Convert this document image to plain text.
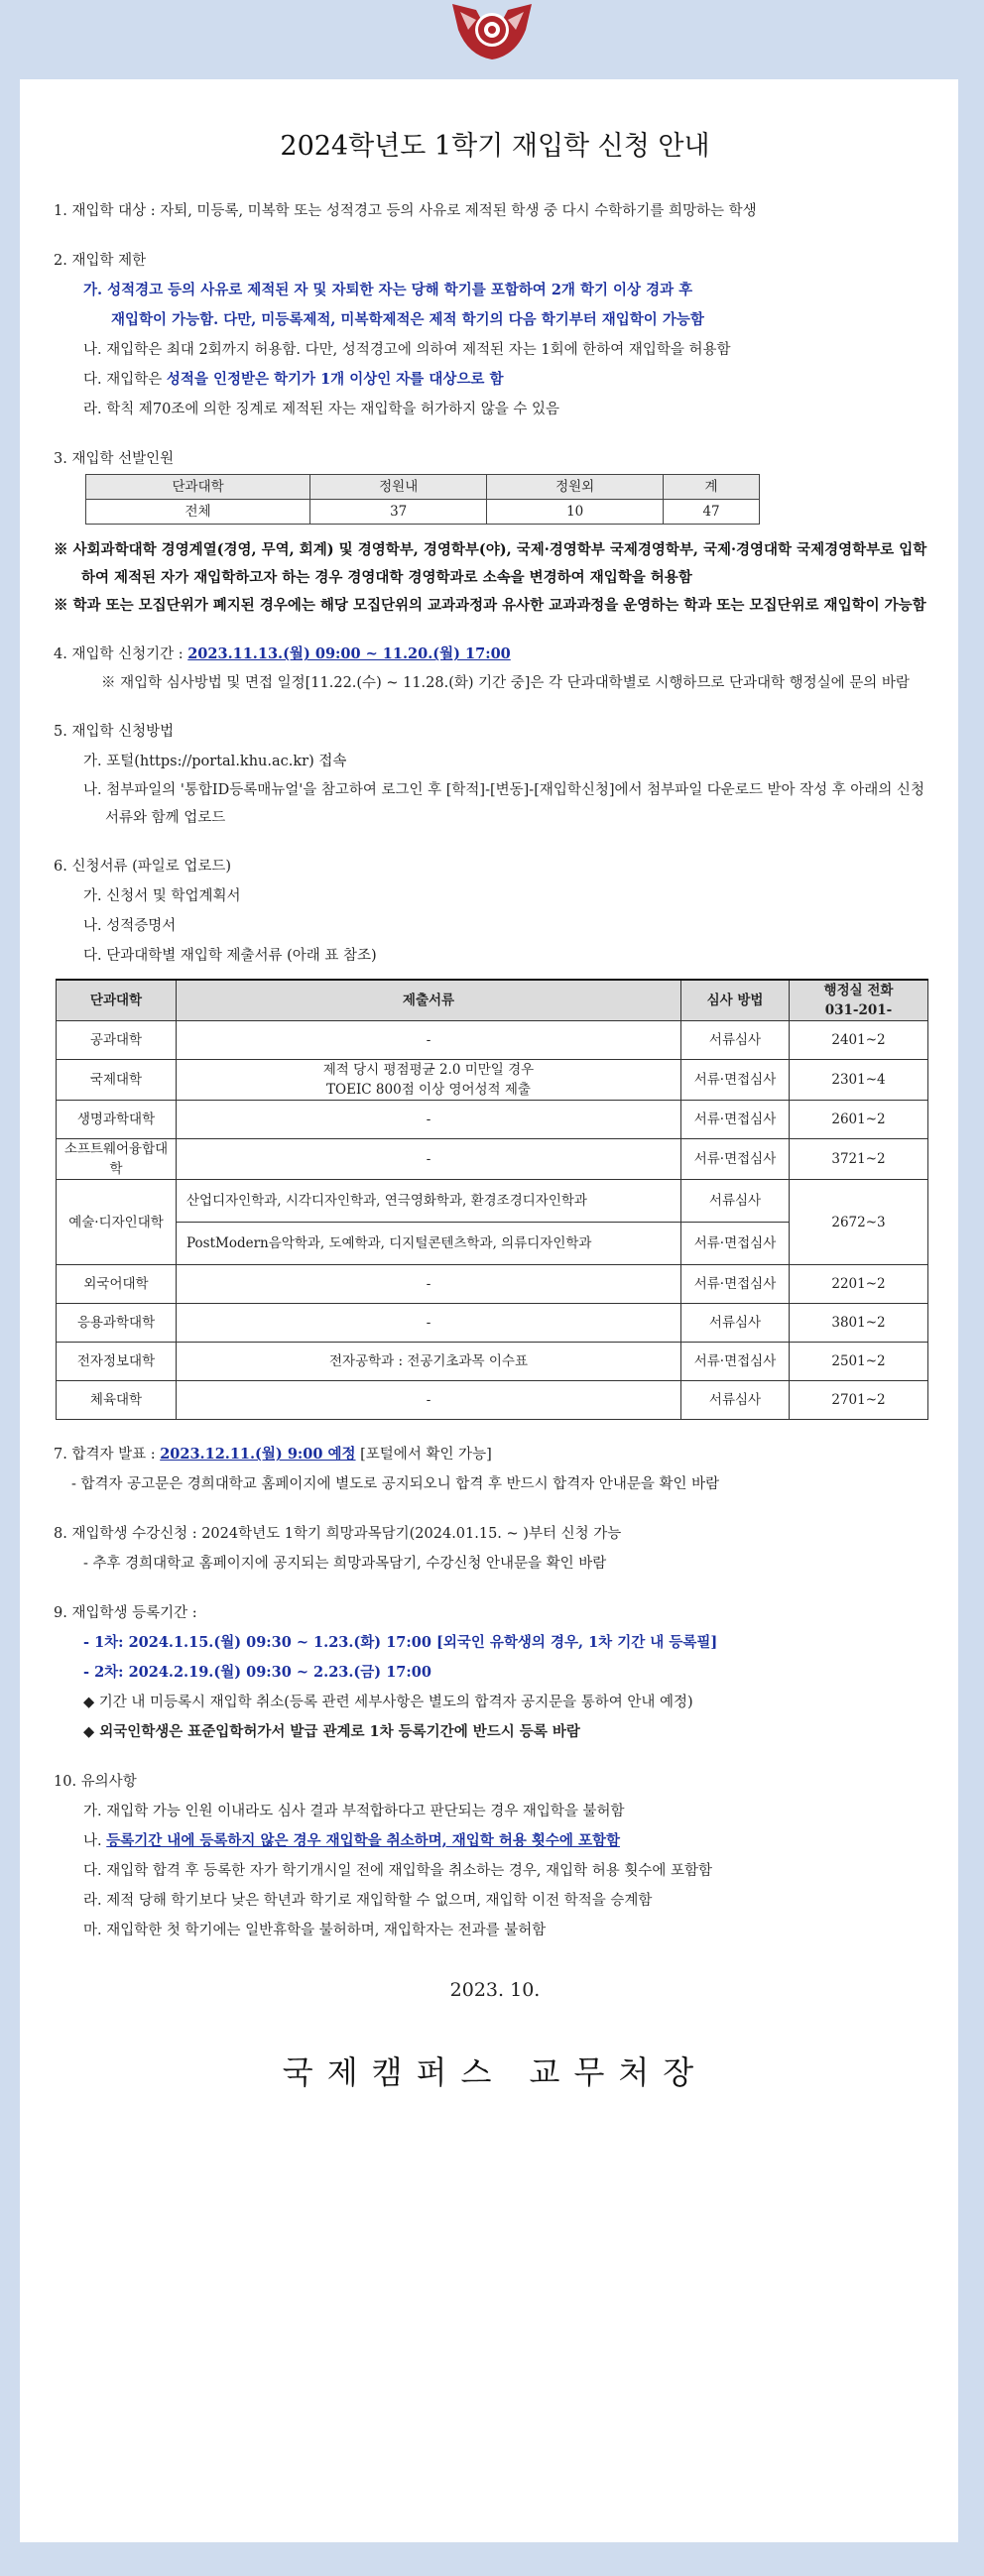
2024학년도 1학기 재입학 신청 안내
1. 재입학 대상 : 자퇴, 미등록, 미복학 또는 성적경고 등의 사유로 제적된 학생 중 다시 수학하기를 희망하는 학생
2. 재입학 제한
가. 성적경고 등의 사유로 제적된 자 및 자퇴한 자는 당해 학기를 포함하여 2개 학기 이상 경과 후
재입학이 가능함. 다만, 미등록제적, 미복학제적은 제적 학기의 다음 학기부터 재입학이 가능함
나. 재입학은 최대 2회까지 허용함. 다만, 성적경고에 의하여 제적된 자는 1회에 한하여 재입학을 허용함
다. 재입학은 성적을 인정받은 학기가 1개 이상인 자를 대상으로 함
라. 학칙 제70조에 의한 징계로 제적된 자는 재입학을 허가하지 않을 수 있음
3. 재입학 선발인원
단과대학	정원내	정원외	계
전체	37	10	47
※ 사회과학대학 경영계열(경영, 무역, 회계) 및 경영학부, 경영학부(야), 국제·경영학부 국제경영학부, 국제·경영대학 국제경영학부로 입학하여 제적된 자가 재입학하고자 하는 경우 경영대학 경영학과로 소속을 변경하여 재입학을 허용함
※ 학과 또는 모집단위가 폐지된 경우에는 해당 모집단위의 교과과정과 유사한 교과과정을 운영하는 학과 또는 모집단위로 재입학이 가능함
4. 재입학 신청기간 : 2023.11.13.(월) 09:00 ~ 11.20.(월) 17:00
※ 재입학 심사방법 및 면접 일정[11.22.(수) ~ 11.28.(화) 기간 중]은 각 단과대학별로 시행하므로 단과대학 행정실에 문의 바람
5. 재입학 신청방법
가. 포털(https://portal.khu.ac.kr) 접속
나. 첨부파일의 '통합ID등록매뉴얼'을 참고하여 로그인 후 [학적]-[변동]-[재입학신청]에서 첨부파일 다운로드 받아 작성 후 아래의 신청서류와 함께 업로드
6. 신청서류 (파일로 업로드)
가. 신청서 및 학업계획서
나. 성적증명서
다. 단과대학별 재입학 제출서류 (아래 표 참조)
단과대학	제출서류	심사 방법	행정실 전화
031-201-
공과대학	-	서류심사	2401~2
국제대학	제적 당시 평점평균 2.0 미만일 경우
TOEIC 800점 이상 영어성적 제출	서류·면접심사	2301~4
생명과학대학	-	서류·면접심사	2601~2
소프트웨어융합대학	-	서류·면접심사	3721~2
예술·디자인대학	산업디자인학과, 시각디자인학과, 연극영화학과, 환경조경디자인학과	서류심사	2672~3
	PostModern음악학과, 도예학과, 디지털콘텐츠학과, 의류디자인학과	서류·면접심사	
외국어대학	-	서류·면접심사	2201~2
응용과학대학	-	서류심사	3801~2
전자정보대학	전자공학과 : 전공기초과목 이수표	서류·면접심사	2501~2
체육대학	-	서류심사	2701~2
7. 합격자 발표 : 2023.12.11.(월) 9:00 예정 [포털에서 확인 가능]
- 합격자 공고문은 경희대학교 홈페이지에 별도로 공지되오니 합격 후 반드시 합격자 안내문을 확인 바람
8. 재입학생 수강신청 : 2024학년도 1학기 희망과목담기(2024.01.15. ~ )부터 신청 가능
- 추후 경희대학교 홈페이지에 공지되는 희망과목담기, 수강신청 안내문을 확인 바람
9. 재입학생 등록기간 :
- 1차: 2024.1.15.(월) 09:30 ~ 1.23.(화) 17:00 [외국인 유학생의 경우, 1차 기간 내 등록필]
- 2차: 2024.2.19.(월) 09:30 ~ 2.23.(금) 17:00
◆ 기간 내 미등록시 재입학 취소(등록 관련 세부사항은 별도의 합격자 공지문을 통하여 안내 예정)
◆ 외국인학생은 표준입학허가서 발급 관계로 1차 등록기간에 반드시 등록 바람
10. 유의사항
가. 재입학 가능 인원 이내라도 심사 결과 부적합하다고 판단되는 경우 재입학을 불허함
나. 등록기간 내에 등록하지 않은 경우 재입학을 취소하며, 재입학 허용 횟수에 포함함
다. 재입학 합격 후 등록한 자가 학기개시일 전에 재입학을 취소하는 경우, 재입학 허용 횟수에 포함함
라. 제적 당해 학기보다 낮은 학년과 학기로 재입학할 수 없으며, 재입학 이전 학적을 승계함
마. 재입학한 첫 학기에는 일반휴학을 불허하며, 재입학자는 전과를 불허함
2023. 10.
국제캠퍼스 교무처장
